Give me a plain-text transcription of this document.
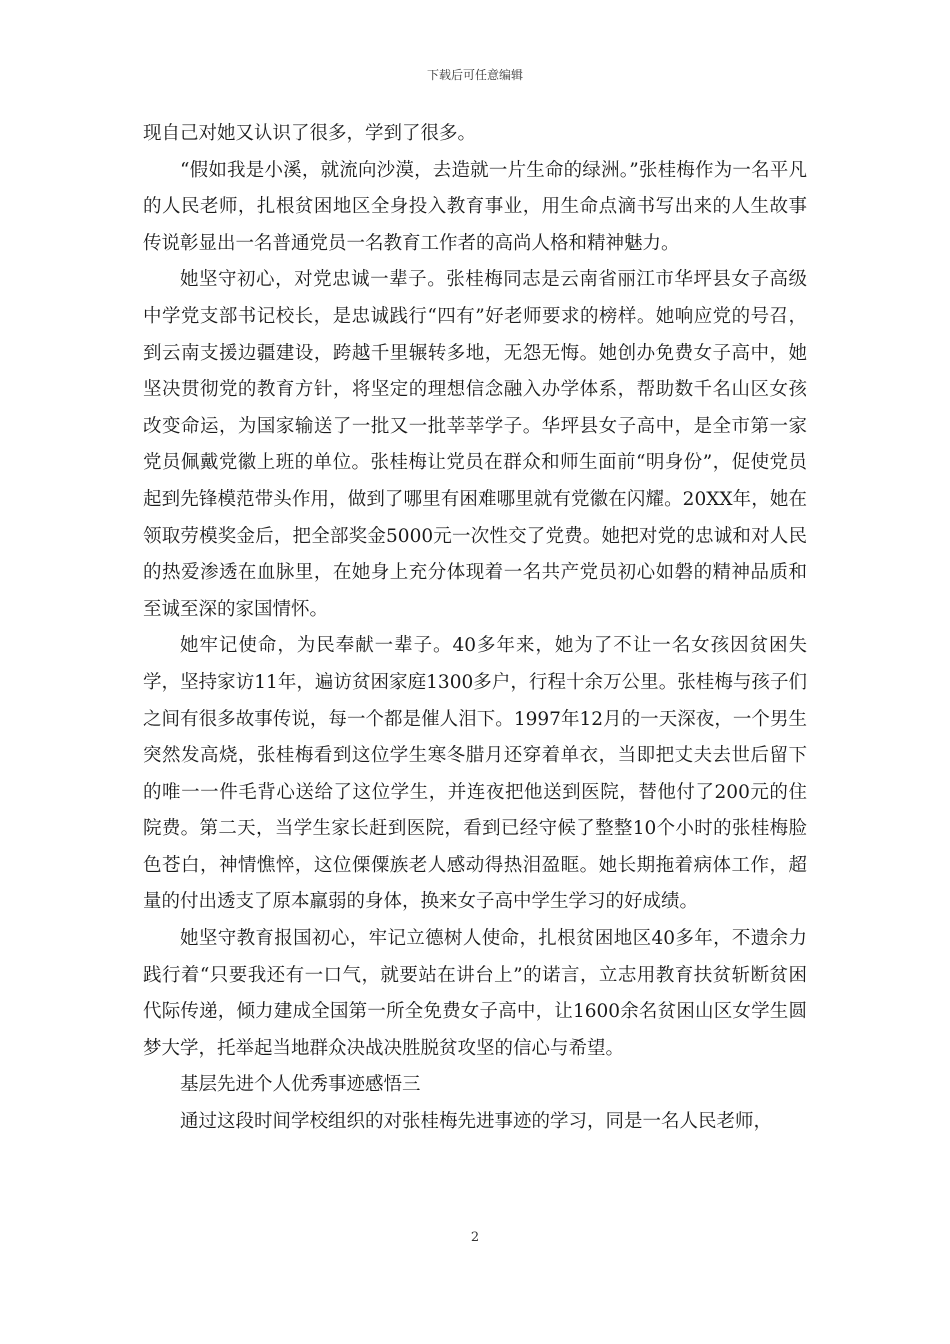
下载后可任意编辑

现自己对她又认识了很多，学到了很多。

“假如我是小溪，就流向沙漠，去造就一片生命的绿洲。”张桂梅作为一名平凡的人民老师，扎根贫困地区全身投入教育事业，用生命点滴书写出来的人生故事传说彰显出一名普通党员一名教育工作者的高尚人格和精神魅力。

她坚守初心，对党忠诚一辈子。张桂梅同志是云南省丽江市华坪县女子高级中学党支部书记校长，是忠诚践行“四有”好老师要求的榜样。她响应党的号召，到云南支援边疆建设，跨越千里辗转多地，无怨无悔。她创办免费女子高中，她坚决贯彻党的教育方针，将坚定的理想信念融入办学体系，帮助数千名山区女孩改变命运，为国家输送了一批又一批莘莘学子。华坪县女子高中，是全市第一家党员佩戴党徽上班的单位。张桂梅让党员在群众和师生面前“明身份”，促使党员起到先锋模范带头作用，做到了哪里有困难哪里就有党徽在闪耀。20XX年，她在领取劳模奖金后，把全部奖金5000元一次性交了党费。她把对党的忠诚和对人民的热爱渗透在血脉里，在她身上充分体现着一名共产党员初心如磐的精神品质和至诚至深的家国情怀。

她牢记使命，为民奉献一辈子。40多年来，她为了不让一名女孩因贫困失学，坚持家访11年，遍访贫困家庭1300多户，行程十余万公里。张桂梅与孩子们之间有很多故事传说，每一个都是催人泪下。1997年12月的一天深夜，一个男生突然发高烧，张桂梅看到这位学生寒冬腊月还穿着单衣，当即把丈夫去世后留下的唯一一件毛背心送给了这位学生，并连夜把他送到医院，替他付了200元的住院费。第二天，当学生家长赶到医院，看到已经守候了整整10个小时的张桂梅脸色苍白，神情憔悴，这位傈僳族老人感动得热泪盈眶。她长期拖着病体工作，超量的付出透支了原本羸弱的身体，换来女子高中学生学习的好成绩。

她坚守教育报国初心，牢记立德树人使命，扎根贫困地区40多年，不遗余力践行着“只要我还有一口气，就要站在讲台上”的诺言，立志用教育扶贫斩断贫困代际传递，倾力建成全国第一所全免费女子高中，让1600余名贫困山区女学生圆梦大学，托举起当地群众决战决胜脱贫攻坚的信心与希望。

基层先进个人优秀事迹感悟三

通过这段时间学校组织的对张桂梅先进事迹的学习，同是一名人民老师，

2
